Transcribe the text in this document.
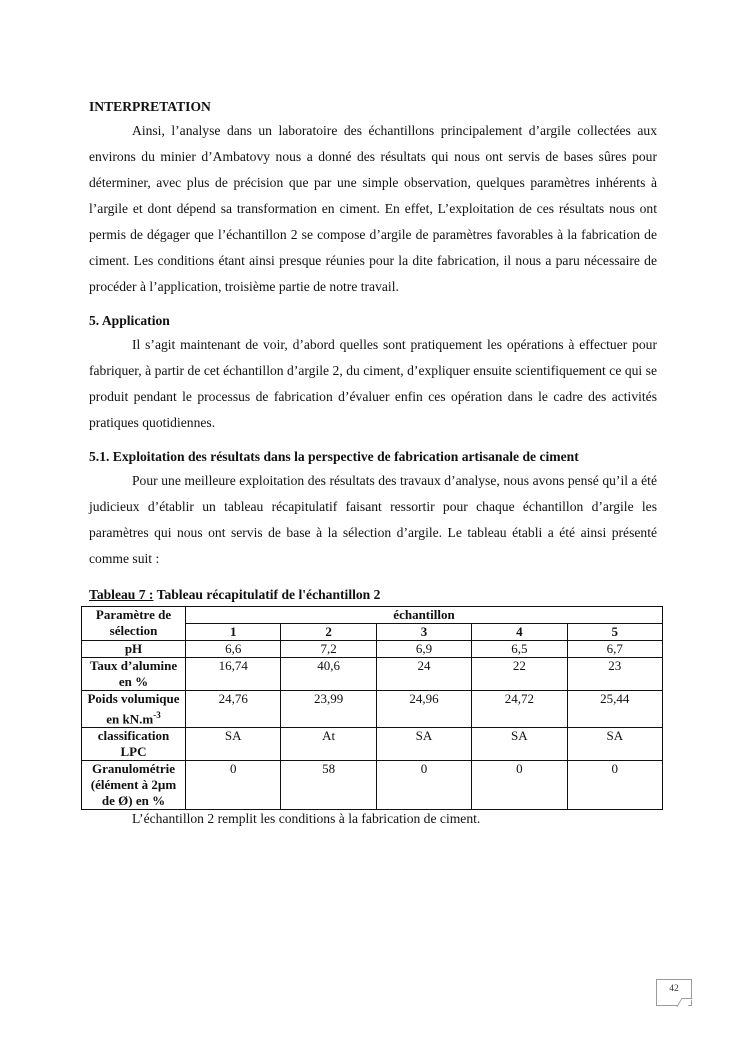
INTERPRETATION

Ainsi, l’analyse dans un laboratoire des échantillons principalement d’argile collectées aux environs du minier d’Ambatovy nous a donné des résultats qui nous ont servis de bases sûres pour déterminer, avec plus de précision que par une simple observation, quelques paramètres inhérents à l’argile et dont dépend sa transformation en ciment. En effet, L’exploitation de ces résultats nous ont permis de dégager que l’échantillon 2 se compose d’argile de paramètres favorables à la fabrication de ciment. Les conditions étant ainsi presque réunies pour la dite fabrication, il nous a paru nécessaire de procéder à l’application, troisième partie de notre travail.

5. Application

Il s’agit maintenant de voir, d’abord quelles sont pratiquement les opérations à effectuer pour fabriquer, à partir de cet échantillon d’argile 2, du ciment, d’expliquer ensuite scientifiquement ce qui se produit pendant le processus de fabrication d’évaluer enfin ces opération dans le cadre des activités pratiques quotidiennes.

5.1. Exploitation des résultats dans la perspective de fabrication artisanale de ciment

Pour une meilleure exploitation des résultats des travaux d’analyse, nous avons pensé qu’il a été judicieux d’établir un tableau récapitulatif faisant ressortir pour chaque échantillon d’argile les paramètres qui nous ont servis de base à la sélection d’argile. Le tableau établi a été ainsi présenté comme suit :

Tableau 7 : Tableau récapitulatif de l'échantillon 2

Paramètre de sélection	échantillon				
	1	2	3	4	5
pH	6,6	7,2	6,9	6,5	6,7
Taux d’alumine en %	16,74	40,6	24	22	23
Poids volumique en $kN.m^{-3}$	24,76	23,99	24,96	24,72	25,44
classification LPC	SA	At	SA	SA	SA
Granulométrie (élément à 2µm de Ø) en %	0	58	0	0	0

L’échantillon 2 remplit les conditions à la fabrication de ciment.

42
